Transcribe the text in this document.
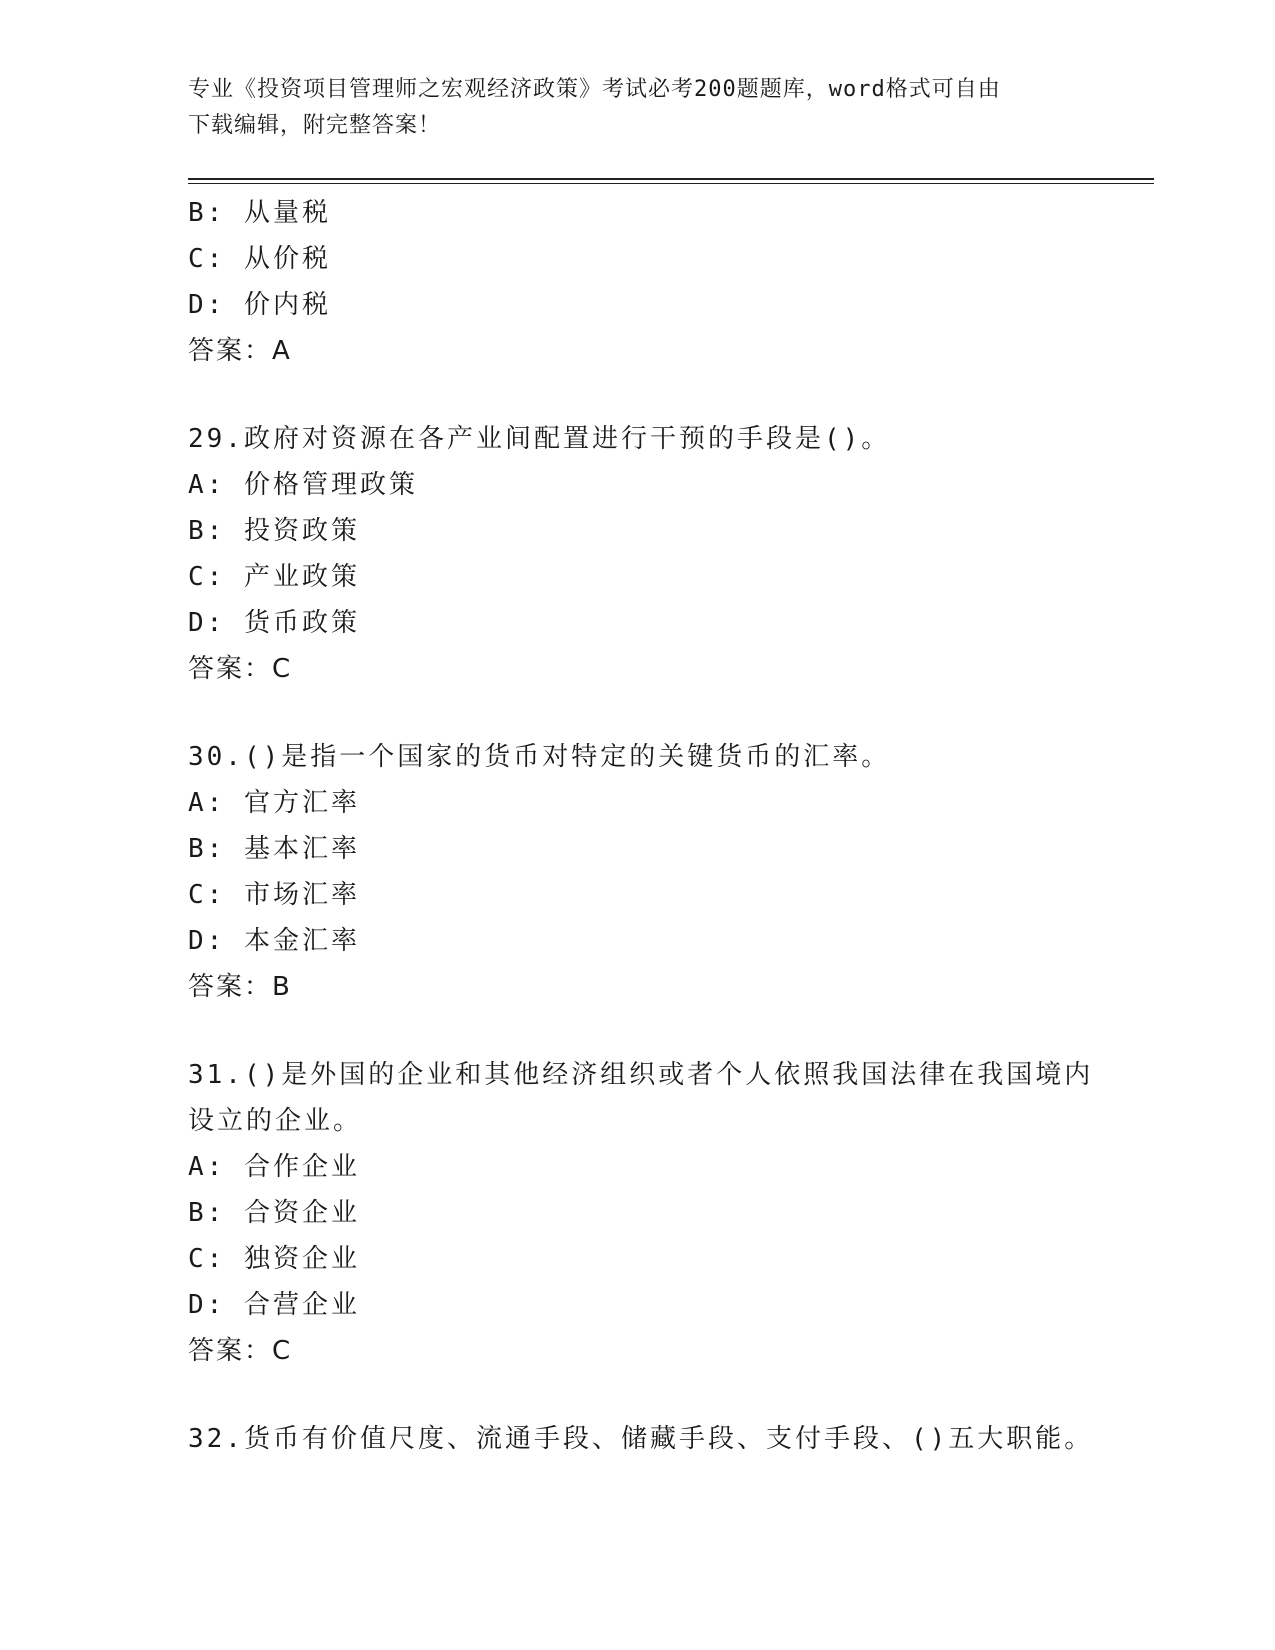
专业《投资项目管理师之宏观经济政策》考试必考200题题库，word格式可自由
下载编辑，附完整答案！
B: 从量税
C: 从价税
D: 价内税
答案：A
29.政府对资源在各产业间配置进行干预的手段是()。
A: 价格管理政策
B: 投资政策
C: 产业政策
D: 货币政策
答案：C
30.()是指一个国家的货币对特定的关键货币的汇率。
A: 官方汇率
B: 基本汇率
C: 市场汇率
D: 本金汇率
答案：B
31.()是外国的企业和其他经济组织或者个人依照我国法律在我国境内
设立的企业。
A: 合作企业
B: 合资企业
C: 独资企业
D: 合营企业
答案：C
32.货币有价值尺度、流通手段、储藏手段、支付手段、()五大职能。
